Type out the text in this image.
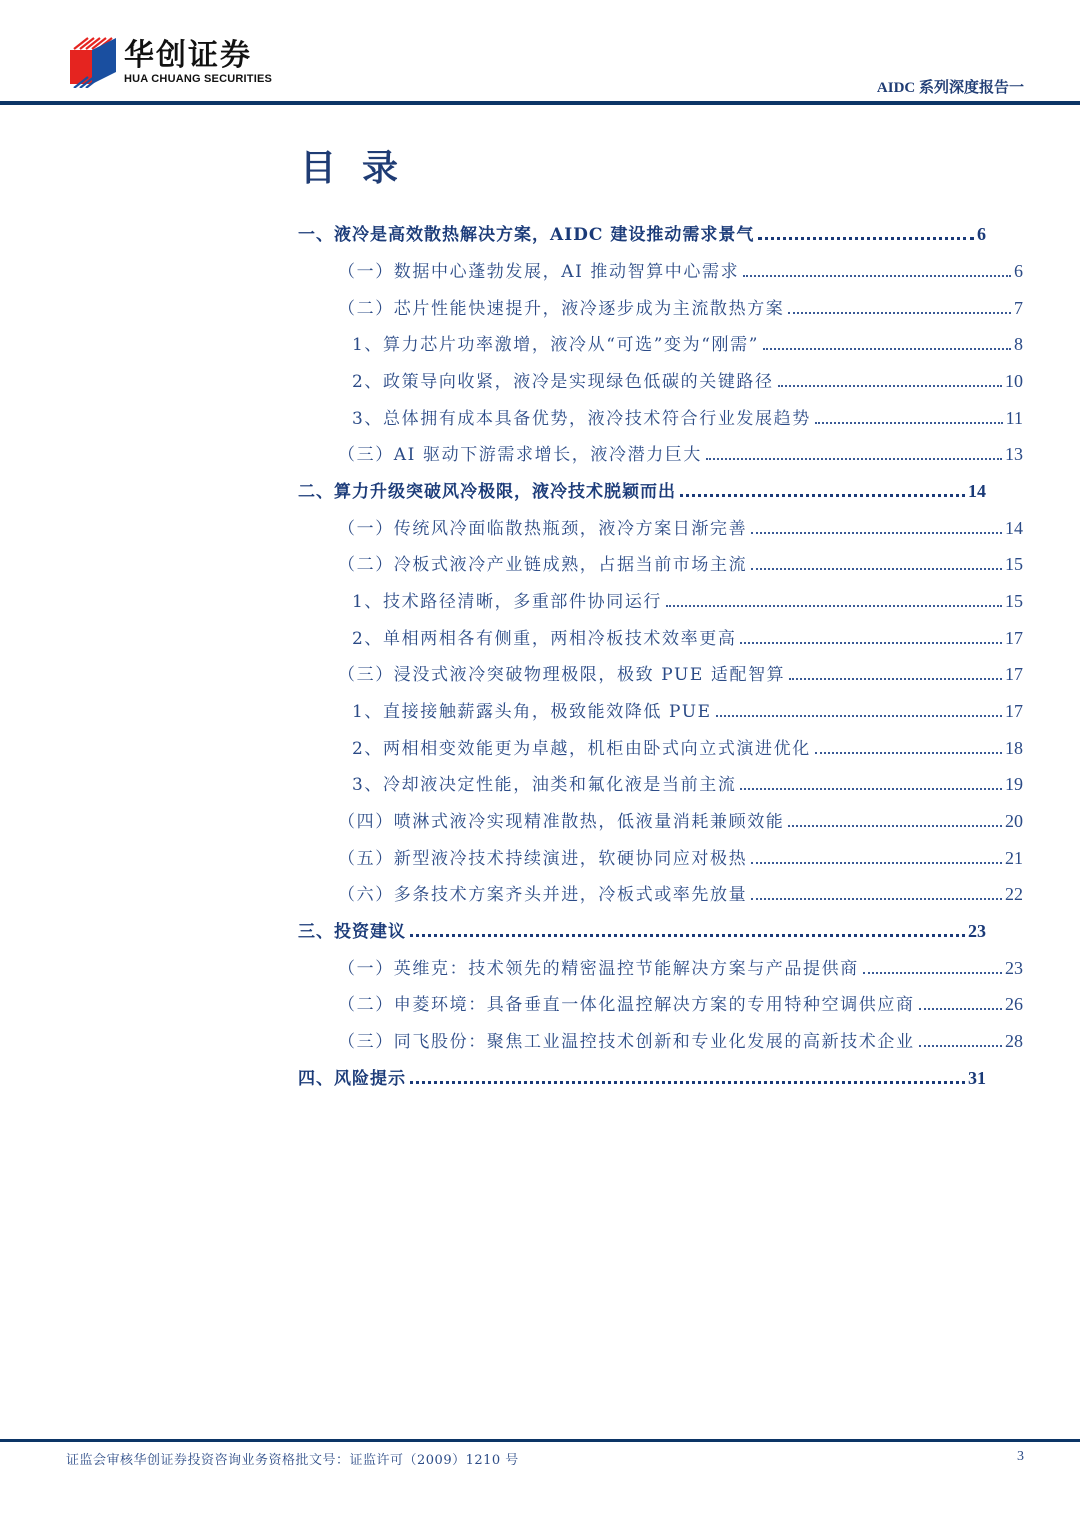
华创证券
HUA CHUANG SECURITIES
AIDC 系列深度报告一
目录
一、液冷是高效散热解决方案，AIDC 建设推动需求景气	6
（一）数据中心蓬勃发展，AI 推动智算中心需求	6
（二）芯片性能快速提升，液冷逐步成为主流散热方案	7
1、算力芯片功率激增，液冷从“可选”变为“刚需”	8
2、政策导向收紧，液冷是实现绿色低碳的关键路径	10
3、总体拥有成本具备优势，液冷技术符合行业发展趋势	11
（三）AI 驱动下游需求增长，液冷潜力巨大	13
二、算力升级突破风冷极限，液冷技术脱颖而出	14
（一）传统风冷面临散热瓶颈，液冷方案日渐完善	14
（二）冷板式液冷产业链成熟，占据当前市场主流	15
1、技术路径清晰，多重部件协同运行	15
2、单相两相各有侧重，两相冷板技术效率更高	17
（三）浸没式液冷突破物理极限，极致 PUE 适配智算	17
1、直接接触薪露头角，极致能效降低 PUE	17
2、两相相变效能更为卓越，机柜由卧式向立式演进优化	18
3、冷却液决定性能，油类和氟化液是当前主流	19
（四）喷淋式液冷实现精准散热，低液量消耗兼顾效能	20
（五）新型液冷技术持续演进，软硬协同应对极热	21
（六）多条技术方案齐头并进，冷板式或率先放量	22
三、投资建议	23
（一）英维克：技术领先的精密温控节能解决方案与产品提供商	23
（二）申菱环境：具备垂直一体化温控解决方案的专用特种空调供应商	26
（三）同飞股份：聚焦工业温控技术创新和专业化发展的高新技术企业	28
四、风险提示	31
证监会审核华创证券投资咨询业务资格批文号：证监许可（2009）1210 号	3
